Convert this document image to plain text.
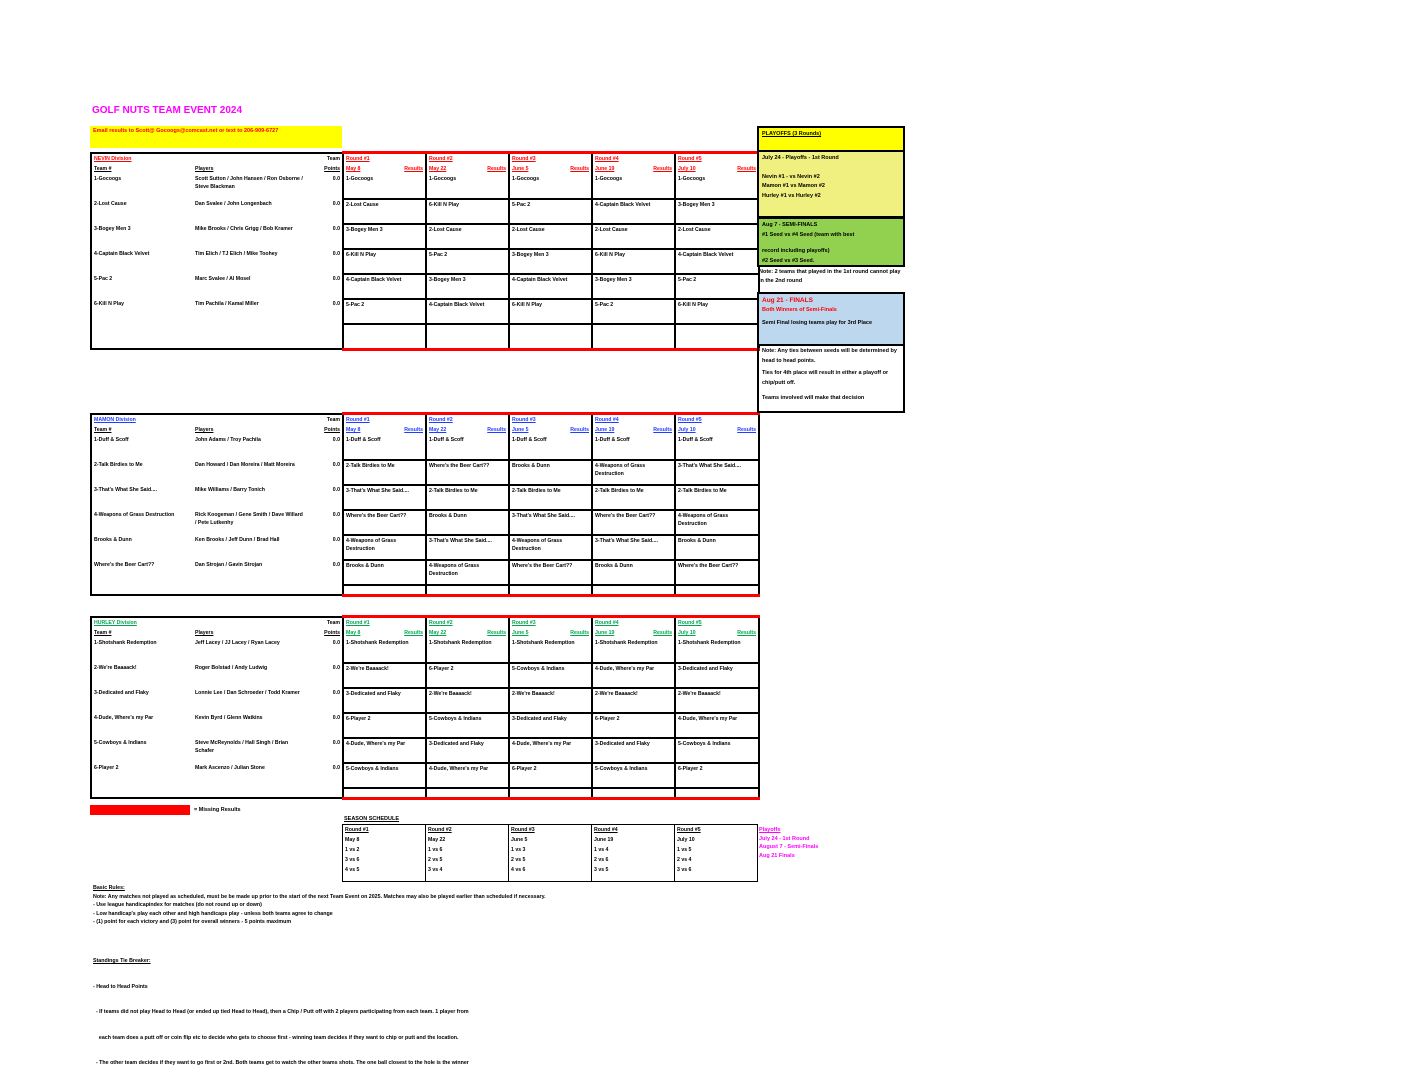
GOLF NUTS TEAM EVENT 2024
Email results to Scott@ Gocoogs@comcast.net or text to 206-909-6727
NEVIN Division		Team	Round #1	Round #2	Round #3	Round #4	Round #5
Team #	Players	Points	May 8 Results	May 22 Results	June 5 Results	June 19 Results	July 10 Results

1-Gocoogs	Scott Sutton / John Hansen / Ron Osborne / Steve Blackman	0.0	1-Gocoogs	1-Gocoogs	1-Gocoogs	1-Gocoogs	1-Gocoogs
2-Lost Cause	Dan Svalee / John Longenbach	0.0	2-Lost Cause	6-Kill N Play	5-Pac 2	4-Captain Black Velvet	3-Bogey Men 3
3-Bogey Men 3	Mike Brooks / Chris Grigg / Bob Kramer	0.0	3-Bogey Men 3	2-Lost Cause	2-Lost Cause	2-Lost Cause	2-Lost Cause
4-Captain Black Velvet	Tim Elich / TJ Elich / Mike Toohey	0.0	6-Kill N Play	5-Pac 2	3-Bogey Men 3	6-Kill N Play	4-Captain Black Velvet
5-Pac 2	Marc Svalee / Al Mosel	0.0	4-Captain Black Velvet	3-Bogey Men 3	4-Captain Black Velvet	3-Bogey Men 3	5-Pac 2
6-Kill N Play	Tim Pachila / Kamal Miller	0.0	5-Pac 2	4-Captain Black Velvet	6-Kill N Play	5-Pac 2	6-Kill N Play

MAMON Division		Team	Round #1	Round #2	Round #3	Round #4	Round #5
Team #	Players	Points	May 8 Results	May 22 Results	June 5 Results	June 19 Results	July 10 Results

1-Duff & Scoff	John Adams / Troy Pachila	0.0	1-Duff & Scoff	1-Duff & Scoff	1-Duff & Scoff	1-Duff & Scoff	1-Duff & Scoff
2-Talk Birdies to Me	Dan Howard / Dan Moreira / Matt Moreira	0.0	2-Talk Birdies to Me	Where's the Beer Cart??	Brooks & Dunn	4-Weapons of Grass Destruction	3-That's What She Said....
3-That's What She Said....	Mike Williams / Barry Tonich	0.0	3-That's What She Said....	2-Talk Birdies to Me	2-Talk Birdies to Me	2-Talk Birdies to Me	2-Talk Birdies to Me
4-Weapons of Grass Destruction	Rick Koogeman / Gene Smith / Dave Willard / Pete Lutkenhy	0.0	Where's the Beer Cart??	Brooks & Dunn	3-That's What She Said....	Where's the Beer Cart??	4-Weapons of Grass Destruction
Brooks & Dunn	Ken Brooks / Jeff Dunn / Brad Hall	0.0	4-Weapons of Grass Destruction	3-That's What She Said....	4-Weapons of Grass Destruction	3-That's What She Said....	Brooks & Dunn
Where's the Beer Cart??	Dan Strojan / Gavin Strojan	0.0	Brooks & Dunn	4-Weapons of Grass Destruction	Where's the Beer Cart??	Brooks & Dunn	Where's the Beer Cart??

HURLEY Division		Team	Round #1	Round #2	Round #3	Round #4	Round #5
Team #	Players	Points	May 8 Results	May 22 Results	June 5 Results	June 19 Results	July 10 Results

1-Shotshank Redemption	Jeff Lacey / JJ Lacey / Ryan Lacey	0.0	1-Shotshank Redemption	1-Shotshank Redemption	1-Shotshank Redemption	1-Shotshank Redemption	1-Shotshank Redemption
2-We're Baaaack!	Roger Bolstad / Andy Ludwig	0.0	2-We're Baaaack!	6-Player 2	5-Cowboys & Indians	4-Dude, Where's my Par	3-Dedicated and Flaky
3-Dedicated and Flaky	Lonnie Lee / Dan Schroeder / Todd Kramer	0.0	3-Dedicated and Flaky	2-We're Baaaack!	2-We're Baaaack!	2-We're Baaaack!	2-We're Baaaack!
4-Dude, Where's my Par	Kevin Byrd / Glenn Watkins	0.0	6-Player 2	5-Cowboys & Indians	3-Dedicated and Flaky	6-Player 2	4-Dude, Where's my Par
5-Cowboys & Indians	Steve McReynolds / Hall Singh / Brian Schafer	0.0	4-Dude, Where's my Par	3-Dedicated and Flaky	4-Dude, Where's my Par	3-Dedicated and Flaky	5-Cowboys & Indians
6-Player 2	Mark Ascenzo / Julian Stone	0.0	5-Cowboys & Indians	4-Dude, Where's my Par	6-Player 2	5-Cowboys & Indians	6-Player 2

PLAYOFFS (3 Rounds)
July 24 - Playoffs - 1st Round
Nevin #1 - vs Nevin #2
Mamon #1 vs Mamon #2
Hurley #1 vs Hurley #2
Aug 7 - SEMI-FINALS
#1 Seed vs #4 Seed (team with best
record including playoffs)
#2 Seed vs #3 Seed.
Note: 2 teams that played in the 1st round cannot play in the 2nd round
Aug 21 - FINALS
Both Winners of Semi-Finals
Semi Final losing teams play for 3rd Place
Note: Any ties between seeds will be determined by head to head points.
Ties for 4th place will result in either a playoff or chip/putt off.
Teams involved will make that decision
= Missing Results
SEASON SCHEDULE
Round #1	Round #2	Round #3	Round #4	Round #5
May 8	May 22	June 5	June 19	July 10
1 vs 2	1 vs 6	1 vs 3	1 vs 4	1 vs 5
3 vs 6	2 vs 5	2 vs 5	2 vs 6	2 vs 4
4 vs 5	3 vs 4	4 vs 6	3 vs 5	3 vs 6
Playoffs
July 24 - 1st Round
August 7 - Semi-Finals
Aug 21 Finals
Basic Rules:
Note: Any matches not played as scheduled, must be be made up prior to the start of the next Team Event on 2025. Matches may also be played earlier than scheduled if necessary.
- Use league handicapindex for matches (do not round up or down)
- Low handicap's play each other and high handicaps play - unless both teams agree to change
- (1) point for each victory and (3) point for overall winners - 5 points maximum

Standings Tie Breaker:

- Head to Head Points

- If teams did not play Head to Head (or ended up tied Head to Head), then a Chip / Putt off with 2 players participating from each team. 1 player from

each team does a putt off or coin flip etc to decide who gets to choose first - winning team decides if they want to chip or putt and the location.

- The other team decides if they want to go first or 2nd. Both teams get to watch the other teams shots. The one ball closest to the hole is the winner
